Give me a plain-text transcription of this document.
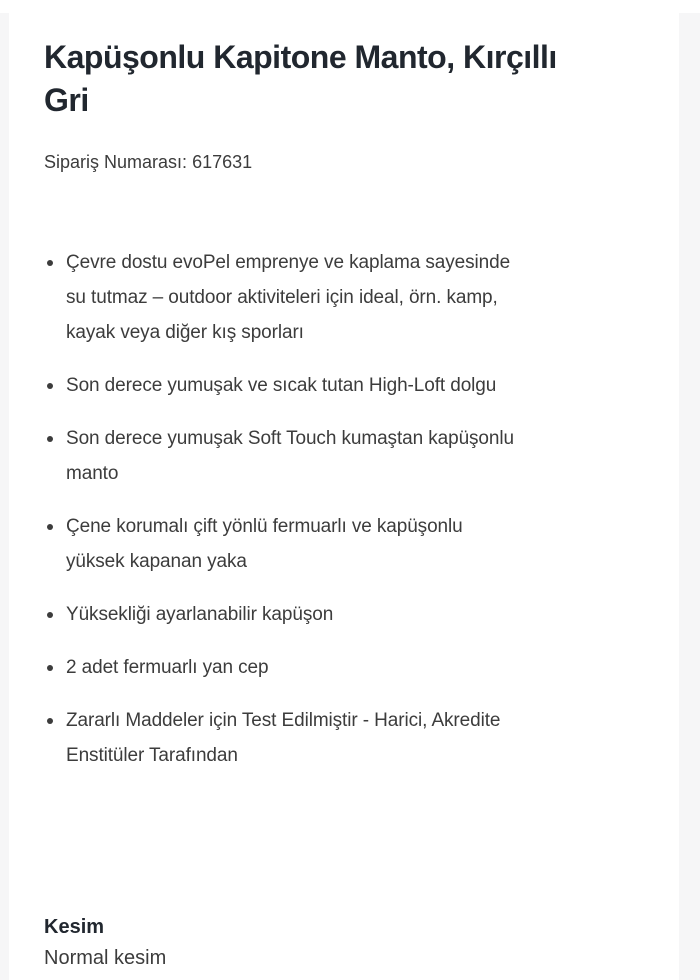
Kapüşonlu Kapitone Manto, Kırçıllı
Gri

Sipariş Numarası: 617631

Çevre dostu evoPel emprenye ve kaplama sayesinde
su tutmaz – outdoor aktiviteleri için ideal, örn. kamp,
kayak veya diğer kış sporları
Son derece yumuşak ve sıcak tutan High-Loft dolgu
Son derece yumuşak Soft Touch kumaştan kapüşonlu
manto
Çene korumalı çift yönlü fermuarlı ve kapüşonlu
yüksek kapanan yaka
Yüksekliği ayarlanabilir kapüşon
2 adet fermuarlı yan cep
Zararlı Maddeler için Test Edilmiştir - Harici, Akredite
Enstitüler Tarafından

Kesim

Normal kesim
